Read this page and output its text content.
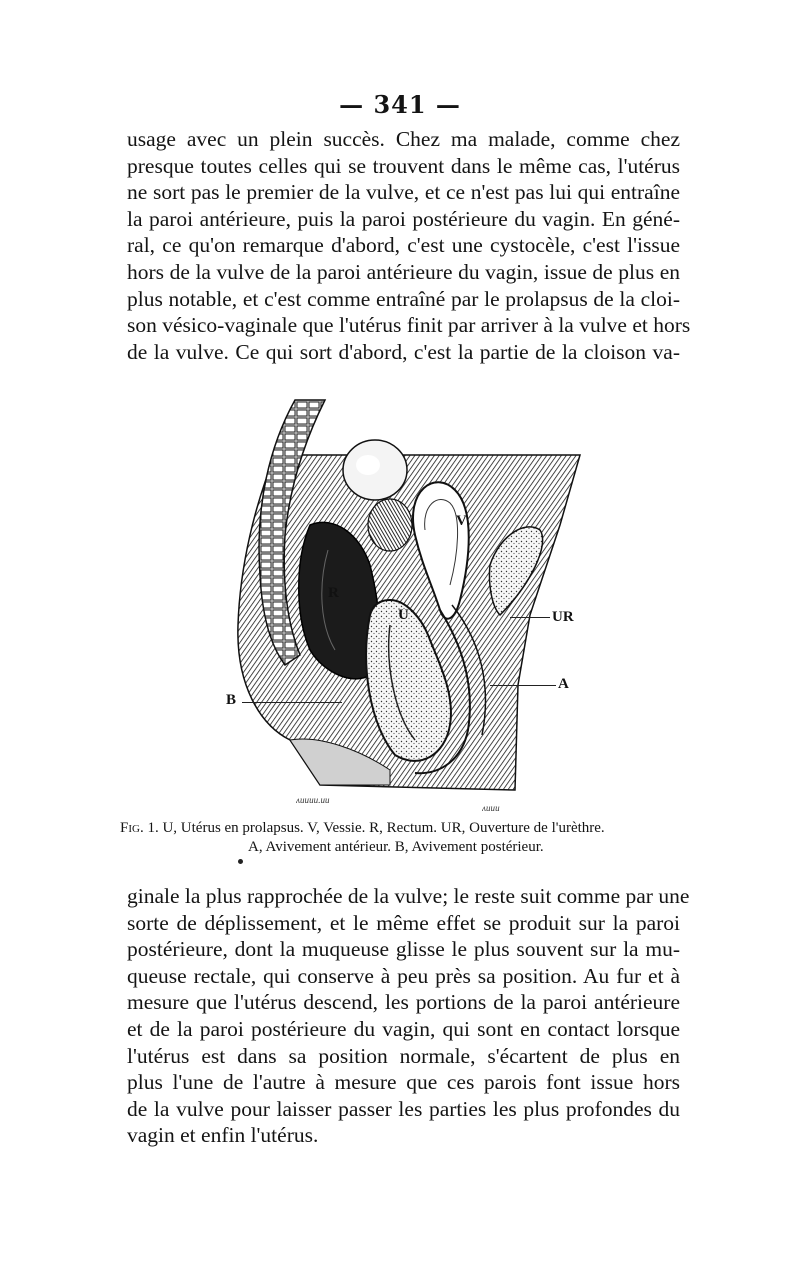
— 341 —
usage avec un plein succès. Chez ma malade, comme chez
presque toutes celles qui se trouvent dans le même cas, l'utérus
ne sort pas le premier de la vulve, et ce n'est pas lui qui entraîne
la paroi antérieure, puis la paroi postérieure du vagin. En géné-
ral, ce qu'on remarque d'abord, c'est une cystocèle, c'est l'issue
hors de la vulve de la paroi antérieure du vagin, issue de plus en
plus notable, et c'est comme entraîné par le prolapsus de la cloi-
son vésico-vaginale que l'utérus finit par arriver à la vulve et hors
de la vulve. Ce qui sort d'abord, c'est la partie de la cloison va-
V
R
U	UR
A
B
ʌᴎᴎᴎᴎ.ᴎᴎ
ʌᴎᴎᴎ
Fig. 1. U, Utérus en prolapsus. V, Vessie. R, Rectum. UR, Ouverture de l'urèthre.
A, Avivement antérieur. B, Avivement postérieur.
ginale la plus rapprochée de la vulve; le reste suit comme par une
sorte de déplissement, et le même effet se produit sur la paroi
postérieure, dont la muqueuse glisse le plus souvent sur la mu-
queuse rectale, qui conserve à peu près sa position. Au fur et à
mesure que l'utérus descend, les portions de la paroi antérieure
et de la paroi postérieure du vagin, qui sont en contact lorsque
l'utérus est dans sa position normale, s'écartent de plus en
plus l'une de l'autre à mesure que ces parois font issue hors
de la vulve pour laisser passer les parties les plus profondes du
vagin et enfin l'utérus.
